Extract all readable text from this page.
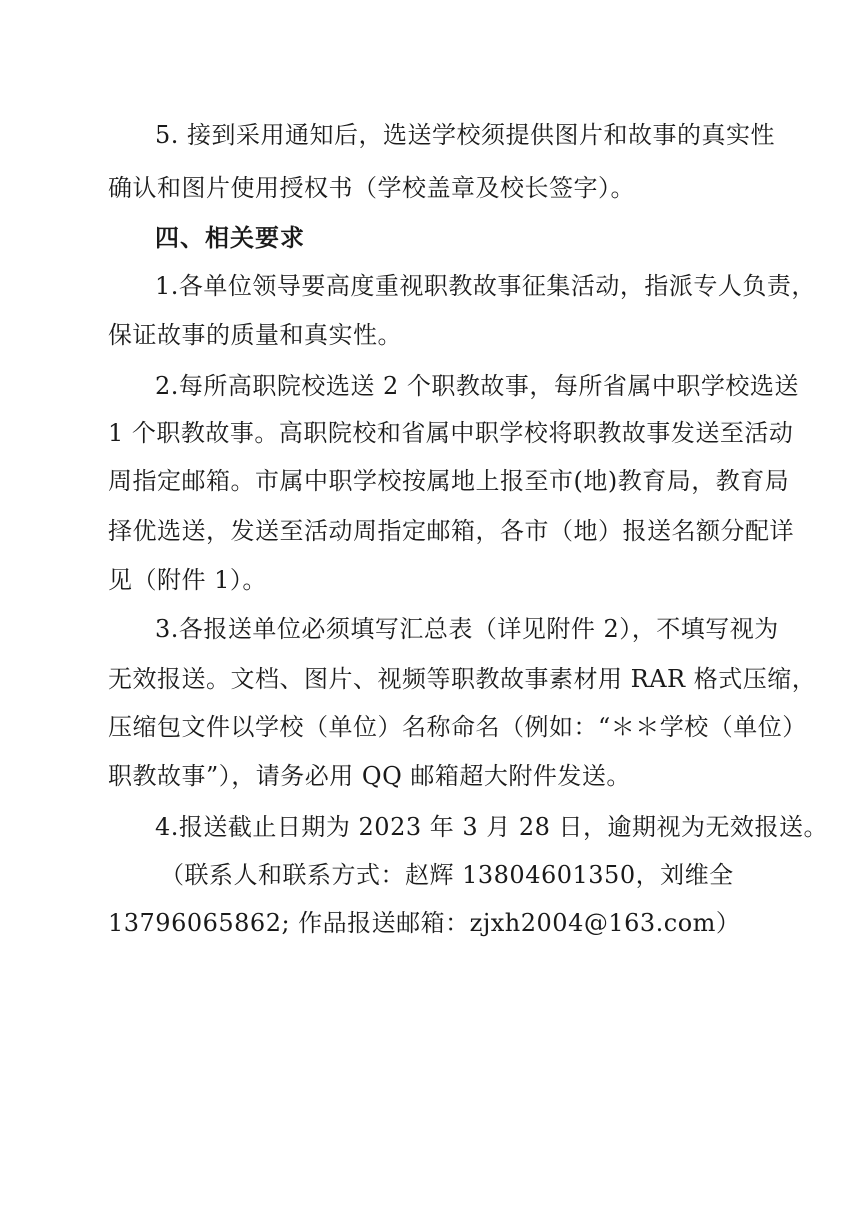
5. 接到采用通知后，选送学校须提供图片和故事的真实性
确认和图片使用授权书（学校盖章及校长签字）。
四、相关要求
1.各单位领导要高度重视职教故事征集活动，指派专人负责，
保证故事的质量和真实性。
2.每所高职院校选送 2 个职教故事，每所省属中职学校选送
1 个职教故事。高职院校和省属中职学校将职教故事发送至活动
周指定邮箱。市属中职学校按属地上报至市(地)教育局，教育局
择优选送，发送至活动周指定邮箱，各市（地）报送名额分配详
见（附件 1）。
3.各报送单位必须填写汇总表（详见附件 2），不填写视为
无效报送。文档、图片、视频等职教故事素材用 RAR 格式压缩，
压缩包文件以学校（单位）名称命名（例如：“＊＊学校（单位）
职教故事”），请务必用 QQ 邮箱超大附件发送。
4.报送截止日期为 2023 年 3 月 28 日，逾期视为无效报送。
（联系人和联系方式：赵辉 13804601350，刘维全
13796065862; 作品报送邮箱：zjxh2004@163.com）
